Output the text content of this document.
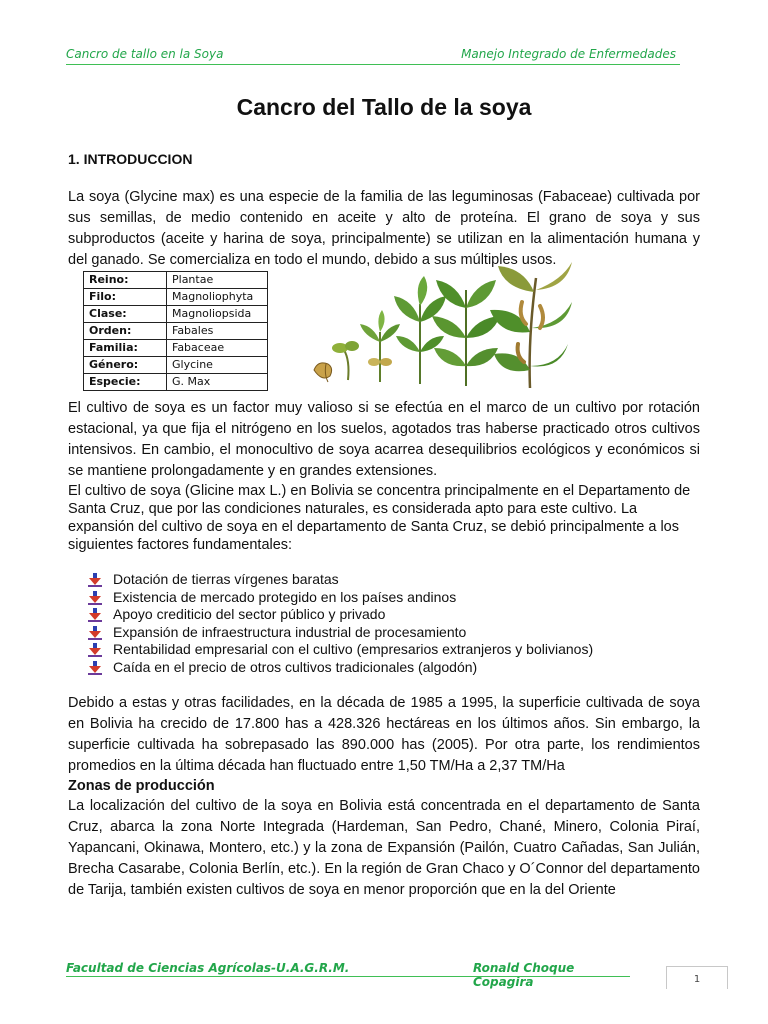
Cancro de tallo en la Soya	Manejo Integrado de Enfermedades
Cancro del Tallo de la soya
1. INTRODUCCION
La soya (Glycine max) es una especie de la familia de las leguminosas (Fabaceae) cultivada por sus semillas, de medio contenido en aceite y alto de proteína. El grano de soya y sus subproductos (aceite y harina de soya, principalmente) se utilizan en la alimentación humana y del ganado. Se comercializa en todo el mundo, debido a sus múltiples usos.
Reino:	Plantae
Filo:	Magnoliophyta
Clase:	Magnoliopsida
Orden:	Fabales
Familia:	Fabaceae
Género:	Glycine
Especie:	G. Max
El cultivo de soya es un factor muy valioso si se efectúa en el marco de un cultivo por rotación estacional, ya que fija el nitrógeno en los suelos, agotados tras haberse practicado otros cultivos intensivos. En cambio, el monocultivo de soya acarrea desequilibrios ecológicos y económicos si se mantiene prolongadamente y en grandes extensiones.
El cultivo de soya (Glicine max L.) en Bolivia se concentra principalmente en el Departamento de Santa Cruz, que por las condiciones naturales, es considerada apto para este cultivo. La expansión del cultivo de soya en el departamento de Santa Cruz, se debió principalmente a los siguientes factores fundamentales:
Dotación de tierras vírgenes baratas
Existencia de mercado protegido en los países andinos
Apoyo crediticio del sector público y privado
Expansión de infraestructura industrial de procesamiento
Rentabilidad empresarial con el cultivo (empresarios extranjeros y bolivianos)
Caída en el precio de otros cultivos tradicionales (algodón)
Debido a estas y otras facilidades, en la década de 1985 a 1995, la superficie cultivada de soya en Bolivia ha crecido de 17.800 has a 428.326 hectáreas en los últimos años. Sin embargo, la superficie cultivada ha sobrepasado las 890.000 has (2005). Por otra parte, los rendimientos promedios en la última década han fluctuado entre 1,50 TM/Ha a 2,37 TM/Ha
Zonas de producción
La localización del cultivo de la soya en Bolivia está concentrada en el departamento de Santa Cruz, abarca la zona Norte Integrada (Hardeman, San Pedro, Chané, Minero, Colonia Piraí, Yapancani, Okinawa, Montero, etc.) y la zona de Expansión (Pailón, Cuatro Cañadas, San Julián, Brecha Casarabe, Colonia Berlín, etc.). En la región de Gran Chaco y O´Connor del departamento de Tarija, también existen cultivos de soya en menor proporción que en la del Oriente
Facultad de Ciencias Agrícolas-U.A.G.R.M.	Ronald Choque Copagira	1
